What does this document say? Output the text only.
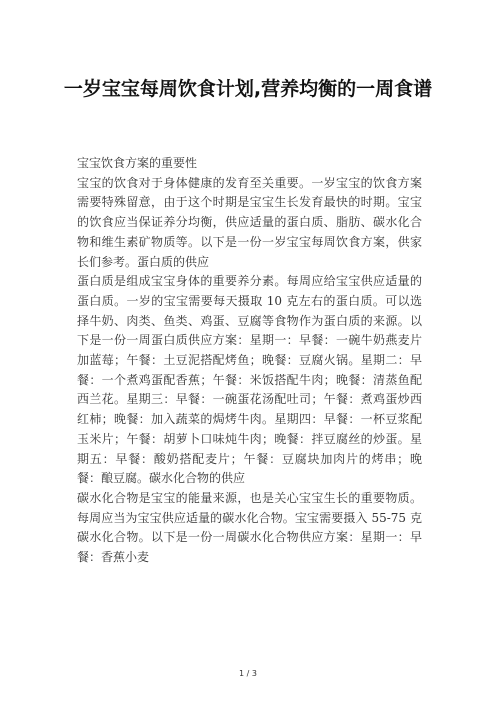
一岁宝宝每周饮食计划,营养均衡的一周食谱

宝宝饮食方案的重要性

宝宝的饮食对于身体健康的发育至关重要。一岁宝宝的饮食方案需要特殊留意，由于这个时期是宝宝生长发育最快的时期。宝宝的饮食应当保证养分均衡，供应适量的蛋白质、脂肪、碳水化合物和维生素矿物质等。以下是一份一岁宝宝每周饮食方案，供家长们参考。蛋白质的供应

蛋白质是组成宝宝身体的重要养分素。每周应给宝宝供应适量的蛋白质。一岁的宝宝需要每天摄取 10 克左右的蛋白质。可以选择牛奶、肉类、鱼类、鸡蛋、豆腐等食物作为蛋白质的来源。以下是一份一周蛋白质供应方案：星期一：早餐：一碗牛奶燕麦片加蓝莓；午餐：土豆泥搭配烤鱼；晚餐：豆腐火锅。星期二：早餐：一个煮鸡蛋配香蕉；午餐：米饭搭配牛肉；晚餐：清蒸鱼配西兰花。星期三：早餐：一碗蛋花汤配吐司；午餐：煮鸡蛋炒西红柿；晚餐：加入蔬菜的焗烤牛肉。星期四：早餐：一杯豆浆配玉米片；午餐：胡萝卜口味炖牛肉；晚餐：拌豆腐丝的炒蛋。星期五：早餐：酸奶搭配麦片；午餐：豆腐块加肉片的烤串；晚餐：酿豆腐。碳水化合物的供应

碳水化合物是宝宝的能量来源，也是关心宝宝生长的重要物质。每周应当为宝宝供应适量的碳水化合物。宝宝需要摄入 55-75 克碳水化合物。以下是一份一周碳水化合物供应方案：星期一：早餐：香蕉小麦

1 / 3
